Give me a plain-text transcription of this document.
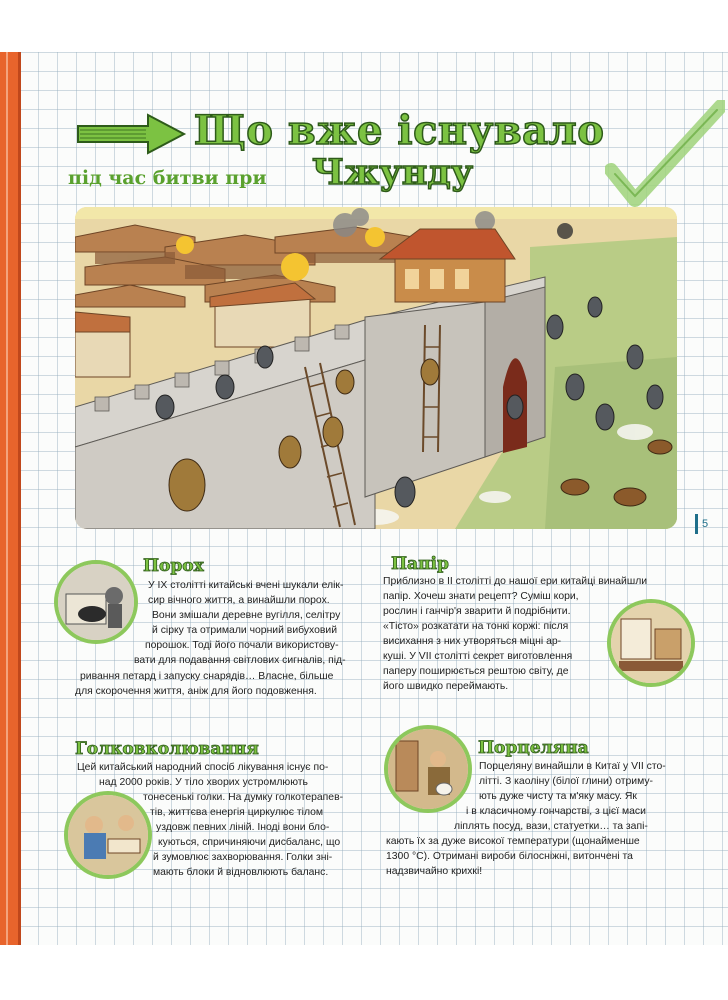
Що вже існувало
під час битви при Чжунду
5
Порох

У IX столітті китайські вчені шукали елік-

сир вічного життя, а винайшли порох.

Вони змішали деревне вугілля, селітру

й сірку та отримали чорний вибуховий

порошок. Тоді його почали використову-

вати для подавання світлових сигналів, під-

ривання петард і запуску снарядів… Власне, більше

для скорочення життя, аніж для його подовження.

Папір

Приблизно в II столітті до нашої ери китайці винайшли

папір. Хочеш знати рецепт? Суміш кори,

рослин і ганчір'я зварити й подрібнити.

«Тісто» розкатати на тонкі коржі: після

висихання з них утворяться міцні ар-

куші. У VII столітті секрет виготовлення

паперу поширюється рештою світу, де

його швидко переймають.

Голковколювання

Цей китайський народний спосіб лікування існує по-

над 2000 років. У тіло хворих устромлюють

тонесенькі голки. На думку голкотерапев-

тів, життєва енергія циркулює тілом

уздовж певних ліній. Іноді вони бло-

куються, спричиняючи дисбаланс, що

й зумовлює захворювання. Голки зні-

мають блоки й відновлюють баланс.

Порцеляна

Порцеляну винайшли в Китаї у VII сто-

літті. З каоліну (білої глини) отриму-

ють дуже чисту та м'яку масу. Як

і в класичному гончарстві, з цієї маси

ліплять посуд, вази, статуетки… та запі-

кають їх за дуже високої температури (щонайменше

1300 °С). Отримані вироби білосніжні, витончені та

надзвичайно крихкі!
